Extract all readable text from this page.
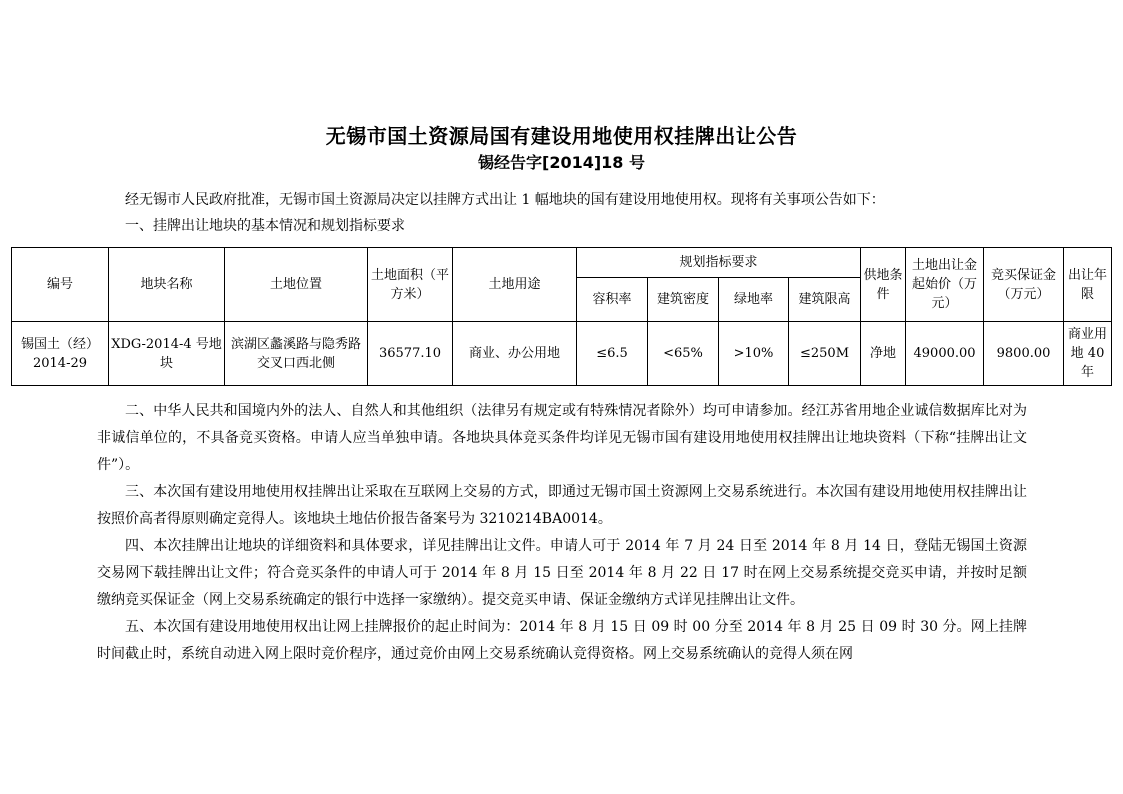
无锡市国土资源局国有建设用地使用权挂牌出让公告
锡经告字[2014]18 号
经无锡市人民政府批准，无锡市国土资源局决定以挂牌方式出让 1 幅地块的国有建设用地使用权。现将有关事项公告如下：
一、挂牌出让地块的基本情况和规划指标要求
编号	地块名称	土地位置	土地面积（平方米）	土地用途	规划指标要求				供地条件	土地出让金起始价（万元）	竞买保证金（万元）	出让年限
					容积率	建筑密度	绿地率	建筑限高				
锡国土（经）2014-29	XDG-2014-4 号地块	滨湖区蠡溪路与隐秀路交叉口西北侧	36577.10	商业、办公用地	≤6.5	<65%	>10%	≤250M	净地	49000.00	9800.00	商业用地 40 年
二、中华人民共和国境内外的法人、自然人和其他组织（法律另有规定或有特殊情况者除外）均可申请参加。经江苏省用地企业诚信数据库比对为非诚信单位的，不具备竞买资格。申请人应当单独申请。各地块具体竞买条件均详见无锡市国有建设用地使用权挂牌出让地块资料（下称“挂牌出让文件”）。
三、本次国有建设用地使用权挂牌出让采取在互联网上交易的方式，即通过无锡市国土资源网上交易系统进行。本次国有建设用地使用权挂牌出让按照价高者得原则确定竞得人。该地块土地估价报告备案号为 3210214BA0014。
四、本次挂牌出让地块的详细资料和具体要求，详见挂牌出让文件。申请人可于 2014 年 7 月 24 日至 2014 年 8 月 14 日，登陆无锡国土资源交易网下载挂牌出让文件；符合竞买条件的申请人可于 2014 年 8 月 15 日至 2014 年 8 月 22 日 17 时在网上交易系统提交竞买申请，并按时足额缴纳竞买保证金（网上交易系统确定的银行中选择一家缴纳）。提交竞买申请、保证金缴纳方式详见挂牌出让文件。
五、本次国有建设用地使用权出让网上挂牌报价的起止时间为：2014 年 8 月 15 日 09 时 00 分至 2014 年 8 月 25 日 09 时 30 分。网上挂牌时间截止时，系统自动进入网上限时竞价程序，通过竞价由网上交易系统确认竞得资格。网上交易系统确认的竞得人须在网
